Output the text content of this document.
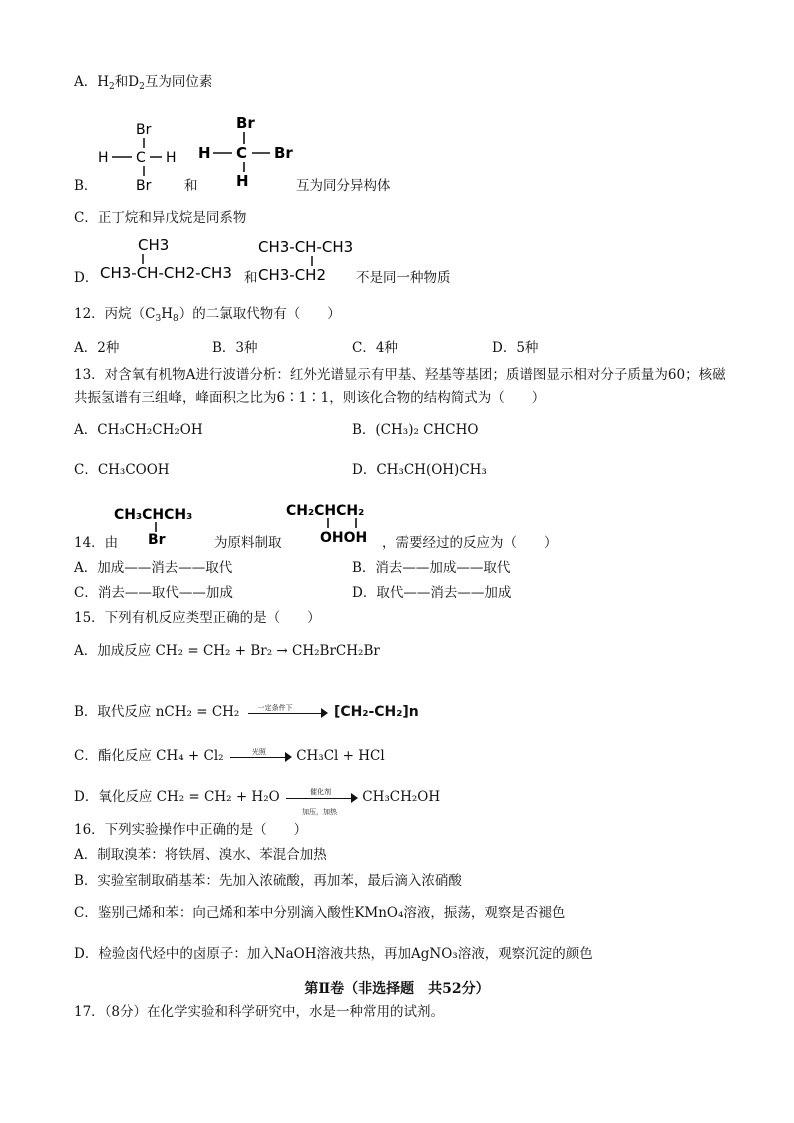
A．$H_2$和$D_2$互为同位素
Br
H C H
Br
Br
H C Br
H
B．	和	互为同分异构体
C．正丁烷和异戊烷是同系物
CH3
CH3-CH-CH2-CH3
CH3-CH-CH3
CH3-CH2
D．	和	不是同一种物质
12．丙烷$(C_3H_8)$的二氯取代物有（　　）
A．2种	B．3种	C．4种	D．5种
13．对含氧有机物A进行波谱分析：红外光谱显示有甲基、羟基等基团；质谱图显示相对分子质量为60；核磁共振氢谱有三组峰，峰面积之比为6∶1∶1，则该化合物的结构简式为（　　）
A．CH₃CH₂CH₂OH	B．(CH₃)₂ CHCHO
C．CH₃COOH	D．CH₃CH(OH)CH₃
CH₃CHCH₃
Br
CH₂CHCH₂
OHOH
14．由	为原料制取	，需要经过的反应为（　　）
A．加成——消去——取代	B．消去——加成——取代
C．消去——取代——加成	D．取代——消去——加成
15．下列有机反应类型正确的是（　　）
A．加成反应 CH₂ = CH₂ + Br₂ → CH₂BrCH₂Br
B．取代反应 nCH₂ = CH₂	一定条件下	[CH₂-CH₂]n
C．酯化反应 CH₄ + Cl₂	光照 CH₃Cl + HCl
D．氧化反应 CH₂ = CH₂ + H₂O	催化剂
加压，加热
CH₃CH₂OH
16．下列实验操作中正确的是（　　）
A．制取溴苯：将铁屑、溴水、苯混合加热
B．实验室制取硝基苯：先加入浓硫酸，再加苯，最后滴入浓硝酸
C．鉴别己烯和苯：向己烯和苯中分别滴入酸性KMnO₄溶液，振荡，观察是否褪色
D．检验卤代烃中的卤原子：加入NaOH溶液共热，再加AgNO₃溶液，观察沉淀的颜色
第Ⅱ卷（非选择题　共52分）
17．（8分）在化学实验和科学研究中，水是一种常用的试剂。
